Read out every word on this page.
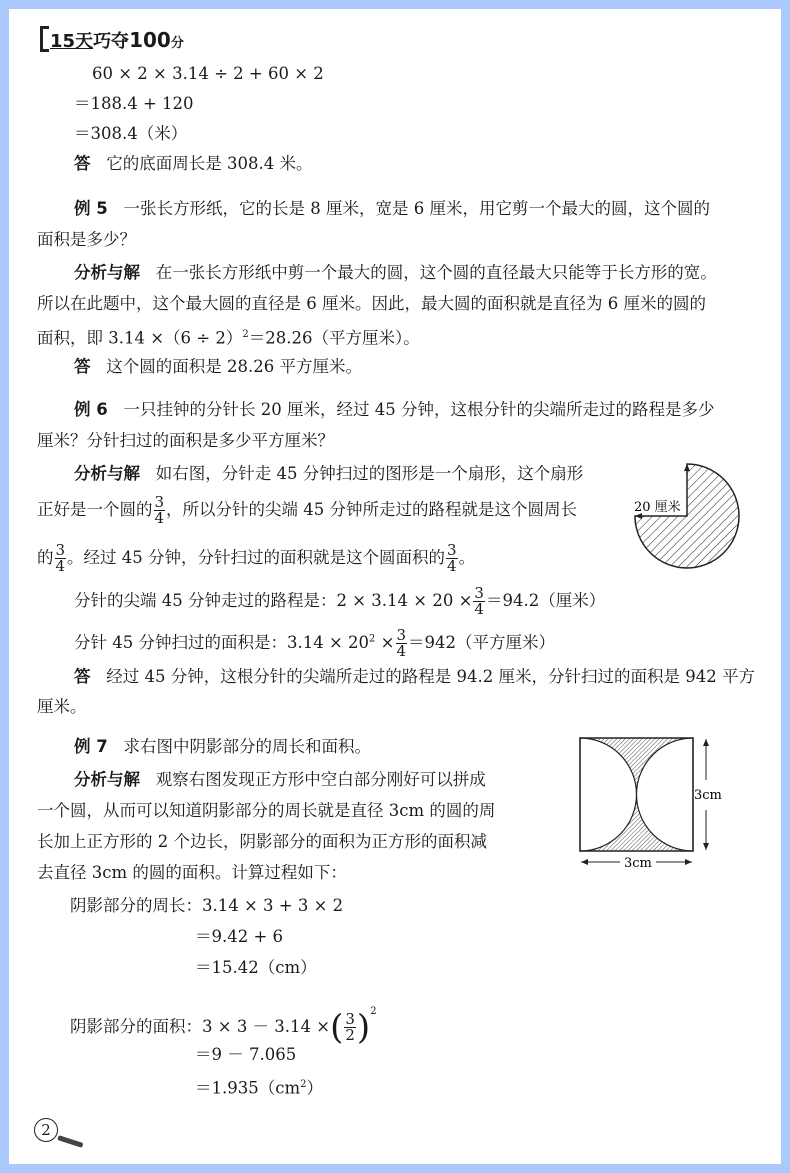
15天巧夺100分
60 × 2 × 3.14 ÷ 2 + 60 × 2
＝188.4 + 120
＝308.4（米）
答 它的底面周长是 308.4 米。
例 5 一张长方形纸，它的长是 8 厘米，宽是 6 厘米，用它剪一个最大的圆，这个圆的
面积是多少？
分析与解 在一张长方形纸中剪一个最大的圆，这个圆的直径最大只能等于长方形的宽。
所以在此题中，这个最大圆的直径是 6 厘米。因此，最大圆的面积就是直径为 6 厘米的圆的
面积，即 $3.14 \times(6 \div 2)^2=28.26$（平方厘米）。
答 这个圆的面积是 28.26 平方厘米。
例 6 一只挂钟的分针长 20 厘米，经过 45 分钟，这根分针的尖端所走过的路程是多少
厘米？分针扫过的面积是多少平方厘米？
分析与解 如右图，分针走 45 分钟扫过的图形是一个扇形，这个扇形
正好是一个圆的 $\frac{3}{4}$ ，所以分针的尖端 45 分钟所走过的路程就是这个圆周长
的 $\frac{3}{4}$ 。经过 45 分钟，分针扫过的面积就是这个圆面积的 $\frac{3}{4}$ 。
分针的尖端 45 分钟走过的路程是：$2 \times 3.14 \times 20 \times \frac{3}{4} =94.2$（厘米）
分针 45 分钟扫过的面积是：$3.14 \times 20^2 \times \frac{3}{4} =942$（平方厘米）
答 经过 45 分钟，这根分针的尖端所走过的路程是 94.2 厘米，分针扫过的面积是 942 平方
厘米。
20 厘米
例 7 求右图中阴影部分的周长和面积。
分析与解 观察右图发现正方形中空白部分刚好可以拼成
一个圆，从而可以知道阴影部分的周长就是直径 3cm 的圆的周
长加上正方形的 2 个边长，阴影部分的面积为正方形的面积减
去直径 3cm 的圆的面积。计算过程如下：
阴影部分的周长：3.14 × 3 + 3 × 2
＝9.42 + 6
＝15.42（cm）
阴影部分的面积：3 × 3 － 3.14 ×( $\frac{3}{2} )^2$
＝9 － 7.065
$=1.935(cm^2)$
3cm
3cm
2
